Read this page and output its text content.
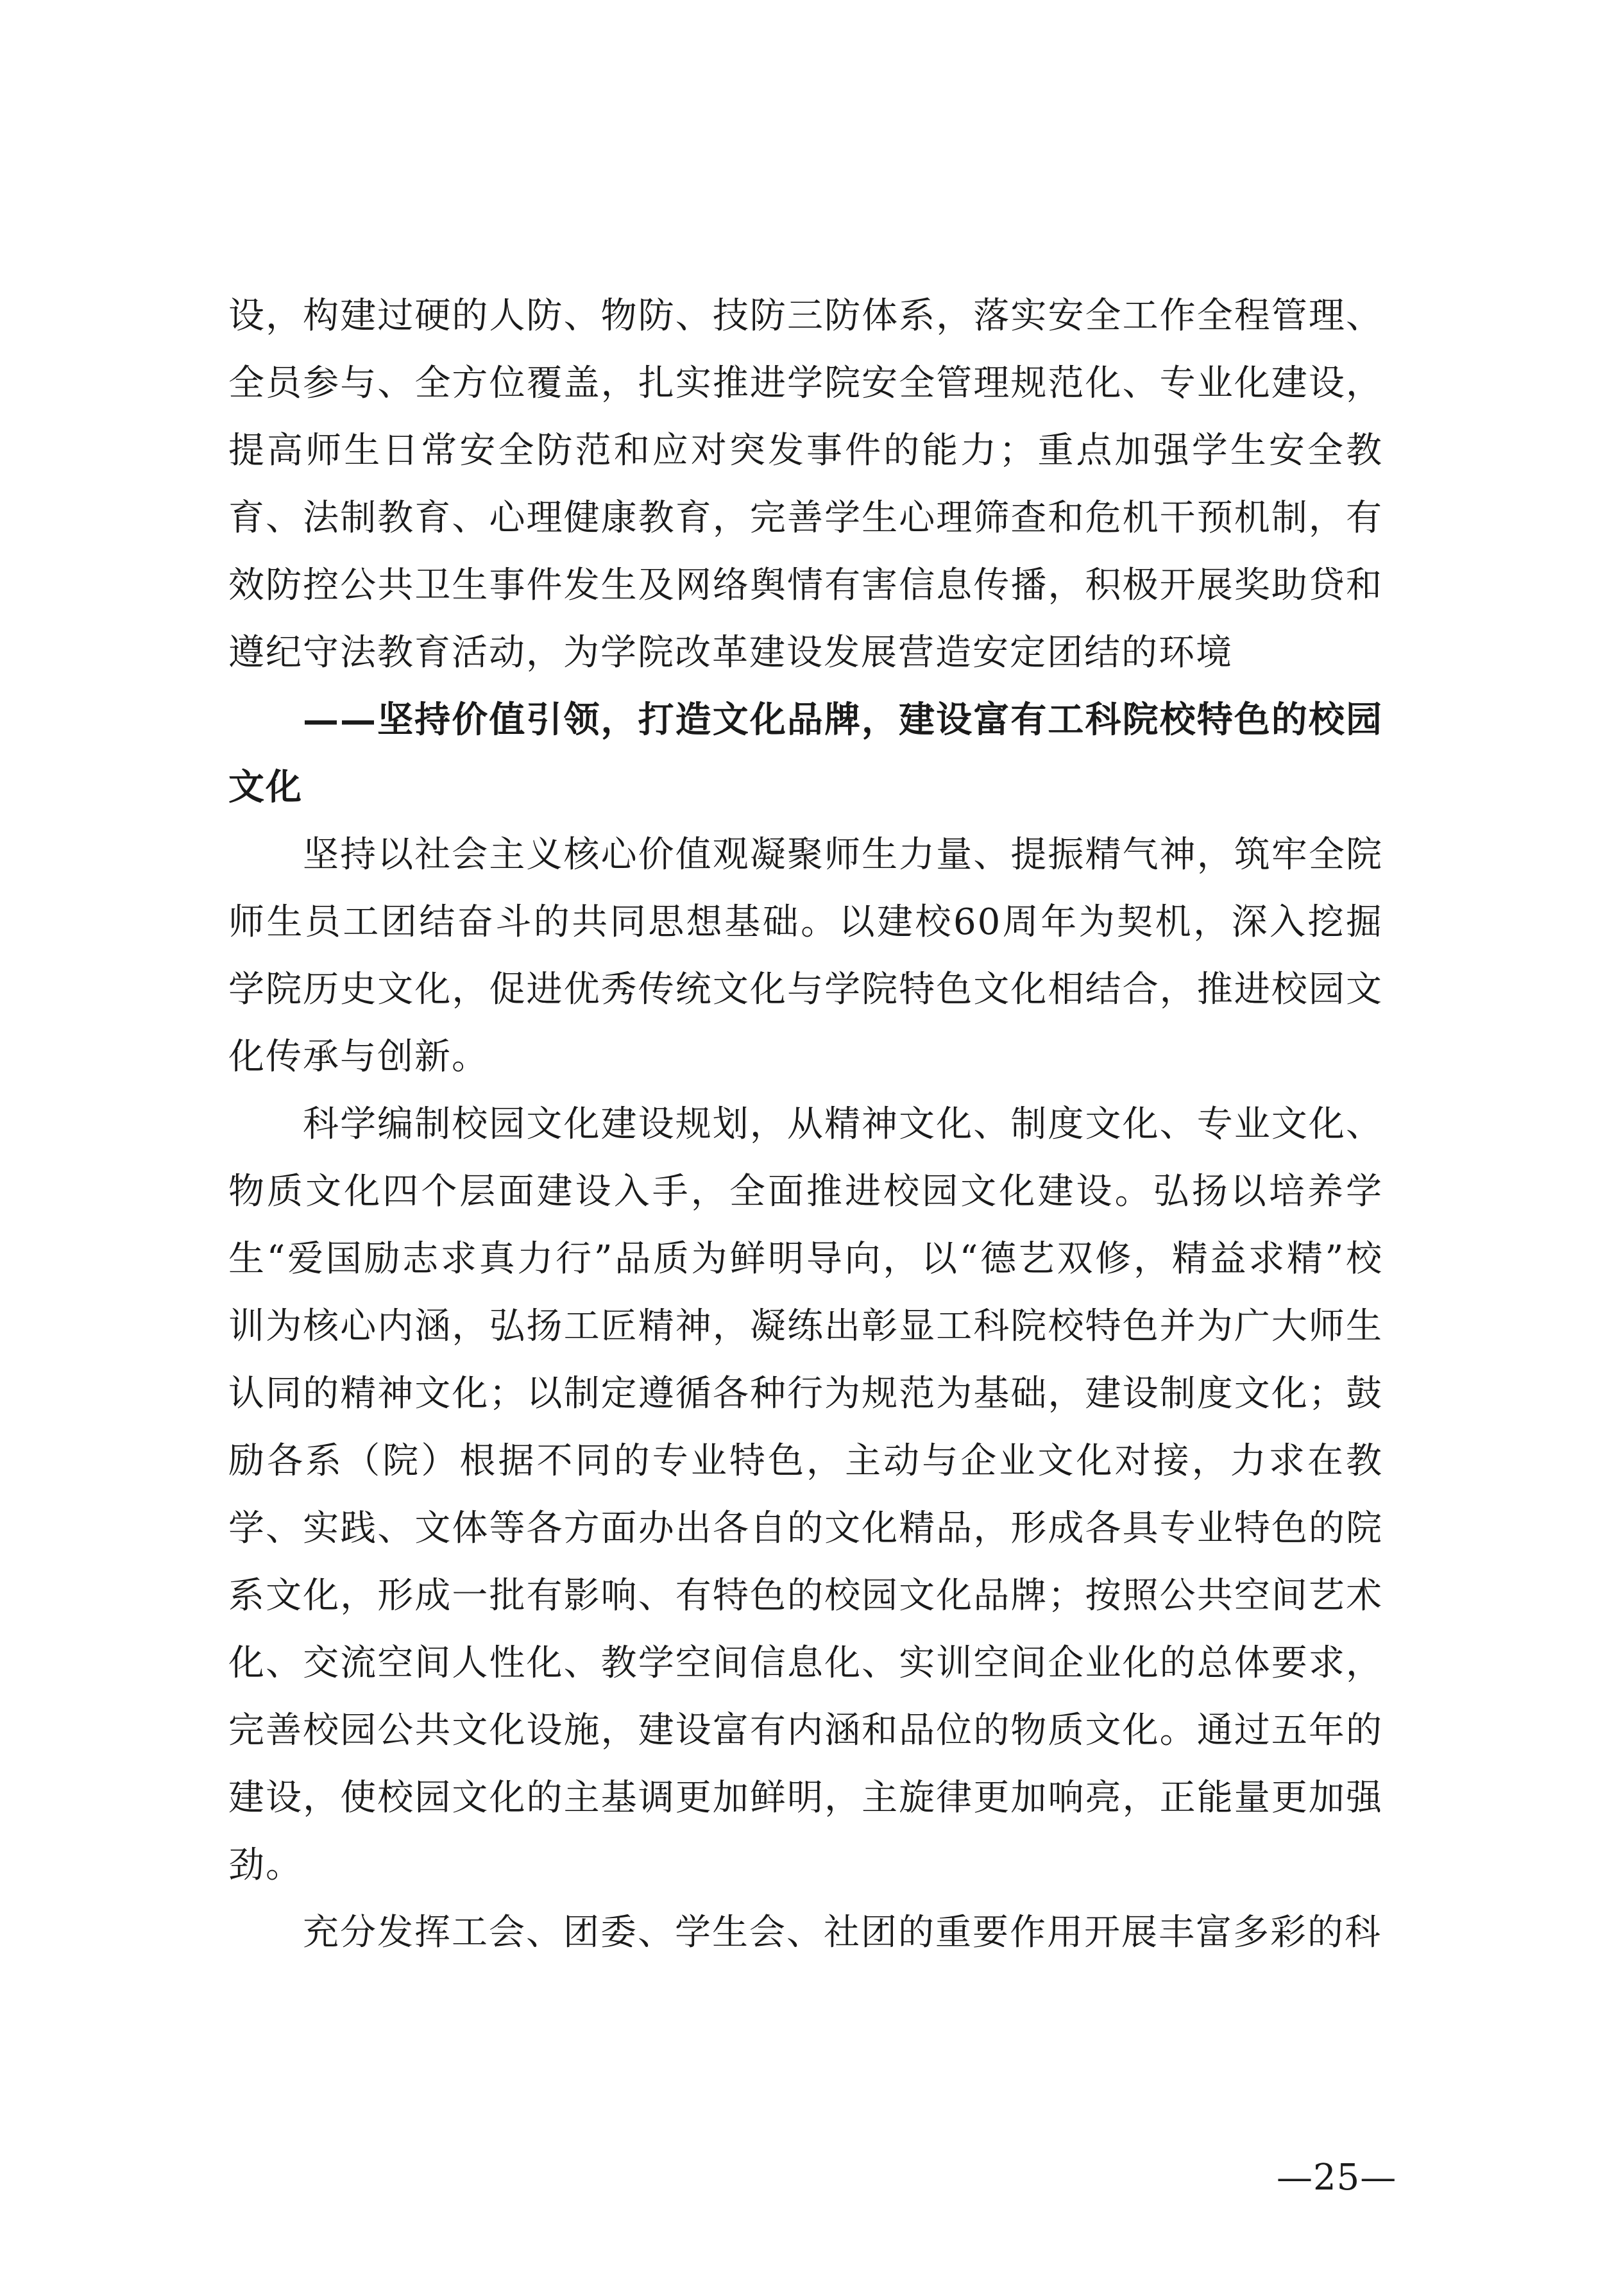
设，构建过硬的人防、物防、技防三防体系，落实安全工作全程管理、全员参与、全方位覆盖，扎实推进学院安全管理规范化、专业化建设，提高师生日常安全防范和应对突发事件的能力；重点加强学生安全教育、法制教育、心理健康教育，完善学生心理筛查和危机干预机制，有效防控公共卫生事件发生及网络舆情有害信息传播，积极开展奖助贷和遵纪守法教育活动，为学院改革建设发展营造安定团结的环境

——坚持价值引领，打造文化品牌，建设富有工科院校特色的校园文化

坚持以社会主义核心价值观凝聚师生力量、提振精气神，筑牢全院师生员工团结奋斗的共同思想基础。以建校60周年为契机，深入挖掘学院历史文化，促进优秀传统文化与学院特色文化相结合，推进校园文化传承与创新。

科学编制校园文化建设规划，从精神文化、制度文化、专业文化、物质文化四个层面建设入手，全面推进校园文化建设。弘扬以培养学生“爱国励志求真力行”品质为鲜明导向，以“德艺双修，精益求精”校训为核心内涵，弘扬工匠精神，凝练出彰显工科院校特色并为广大师生认同的精神文化；以制定遵循各种行为规范为基础，建设制度文化；鼓励各系（院）根据不同的专业特色，主动与企业文化对接，力求在教学、实践、文体等各方面办出各自的文化精品，形成各具专业特色的院系文化，形成一批有影响、有特色的校园文化品牌；按照公共空间艺术化、交流空间人性化、教学空间信息化、实训空间企业化的总体要求，完善校园公共文化设施，建设富有内涵和品位的物质文化。通过五年的建设，使校园文化的主基调更加鲜明，主旋律更加响亮，正能量更加强劲。

充分发挥工会、团委、学生会、社团的重要作用开展丰富多彩的科

—25—
